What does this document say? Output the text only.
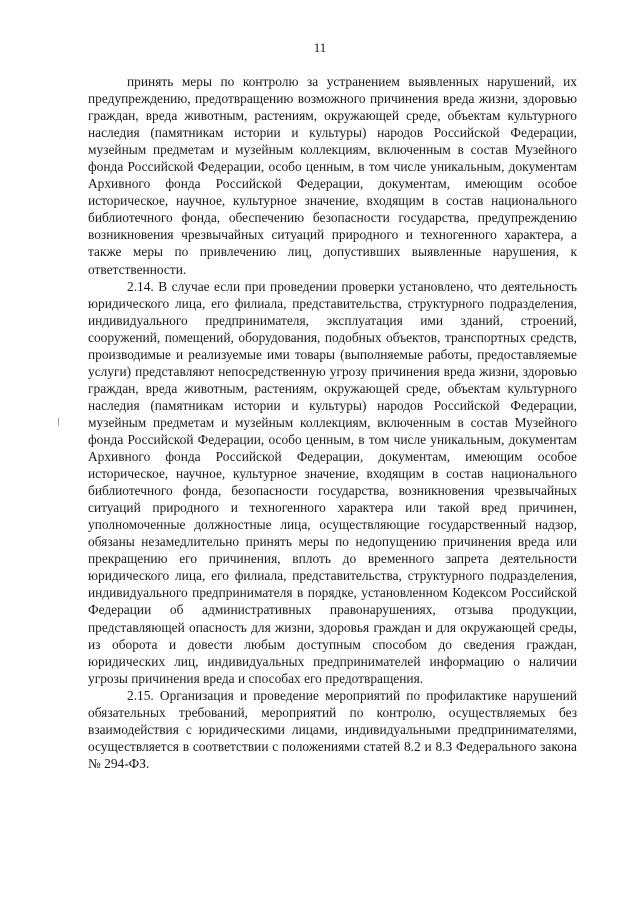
11

принять меры по контролю за устранением выявленных нарушений, их предупреждению, предотвращению возможного причинения вреда жизни, здоровью граждан, вреда животным, растениям, окружающей среде, объектам культурного наследия (памятникам истории и культуры) народов Российской Федерации, музейным предметам и музейным коллекциям, включенным в состав Музейного фонда Российской Федерации, особо ценным, в том числе уникальным, документам Архивного фонда Российской Федерации, документам, имеющим особое историческое, научное, культурное значение, входящим в состав национального библиотечного фонда, обеспечению безопасности государства, предупреждению возникновения чрезвычайных ситуаций природного и техногенного характера, а также меры по привлечению лиц, допустивших выявленные нарушения, к ответственности.

2.14. В случае если при проведении проверки установлено, что деятельность юридического лица, его филиала, представительства, структурного подразделения, индивидуального предпринимателя, эксплуатация ими зданий, строений, сооружений, помещений, оборудования, подобных объектов, транспортных средств, производимые и реализуемые ими товары (выполняемые работы, предоставляемые услуги) представляют непосредственную угрозу причинения вреда жизни, здоровью граждан, вреда животным, растениям, окружающей среде, объектам культурного наследия (памятникам истории и культуры) народов Российской Федерации, музейным предметам и музейным коллекциям, включенным в состав Музейного фонда Российской Федерации, особо ценным, в том числе уникальным, документам Архивного фонда Российской Федерации, документам, имеющим особое историческое, научное, культурное значение, входящим в состав национального библиотечного фонда, безопасности государства, возникновения чрезвычайных ситуаций природного и техногенного характера или такой вред причинен, уполномоченные должностные лица, осуществляющие государственный надзор, обязаны незамедлительно принять меры по недопущению причинения вреда или прекращению его причинения, вплоть до временного запрета деятельности юридического лица, его филиала, представительства, структурного подразделения, индивидуального предпринимателя в порядке, установленном Кодексом Российской Федерации об административных правонарушениях, отзыва продукции, представляющей опасность для жизни, здоровья граждан и для окружающей среды, из оборота и довести любым доступным способом до сведения граждан, юридических лиц, индивидуальных предпринимателей информацию о наличии угрозы причинения вреда и способах его предотвращения.

2.15. Организация и проведение мероприятий по профилактике нарушений обязательных требований, мероприятий по контролю, осуществляемых без взаимодействия с юридическими лицами, индивидуальными предпринимателями, осуществляется в соответствии с положениями статей 8.2 и 8.3 Федерального закона № 294-ФЗ.
